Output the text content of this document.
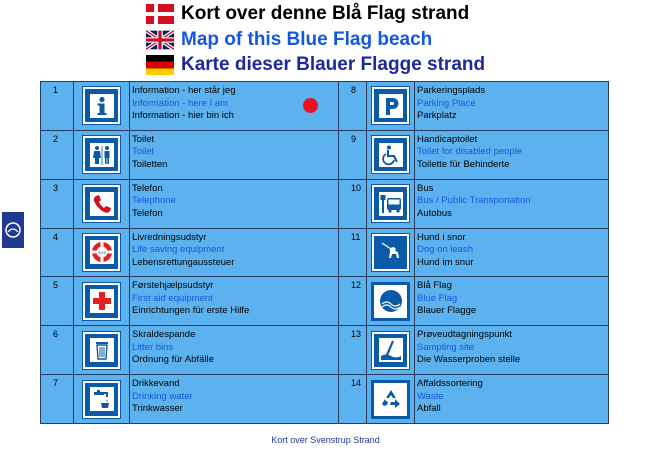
Kort over denne Blå Flag strand
Map of this Blue Flag beach
Karte dieser Blauer Flagge strand
1		Information - her står jeg
Information - here I am
Information - hier bin ich	8		Parkeringsplads
Parking Place
Parkplatz

2		Toilet
Toilet
Toiletten	9		Handicaptoilet
Toilet for disabled people
Toilette für Behinderte

3		Telefon
Telephone
Telefon	10		Bus
Bus / Public Transportation
Autobus

4	SOS	Livredningsudstyr
Life saving equipment
Lebensrettungaussteuer	11		Hund i snor
Dog on leash
Hund im snur

5		Førstehjælpsudstyr
First aid equipment
Einrichtungen für erste Hilfe	12		Blå Flag
Blue Flag
Blauer Flagge

6		Skraldespande
Litter bins
Ordnung für Abfälle	13		Prøveudtagningspunkt
Sampling site
Die Wasserproben stelle

7		Drikkevand
Drinking water
Trinkwasser	14		Affaldssortering
Waste
Abfall
Kort over Svenstrup Strand
